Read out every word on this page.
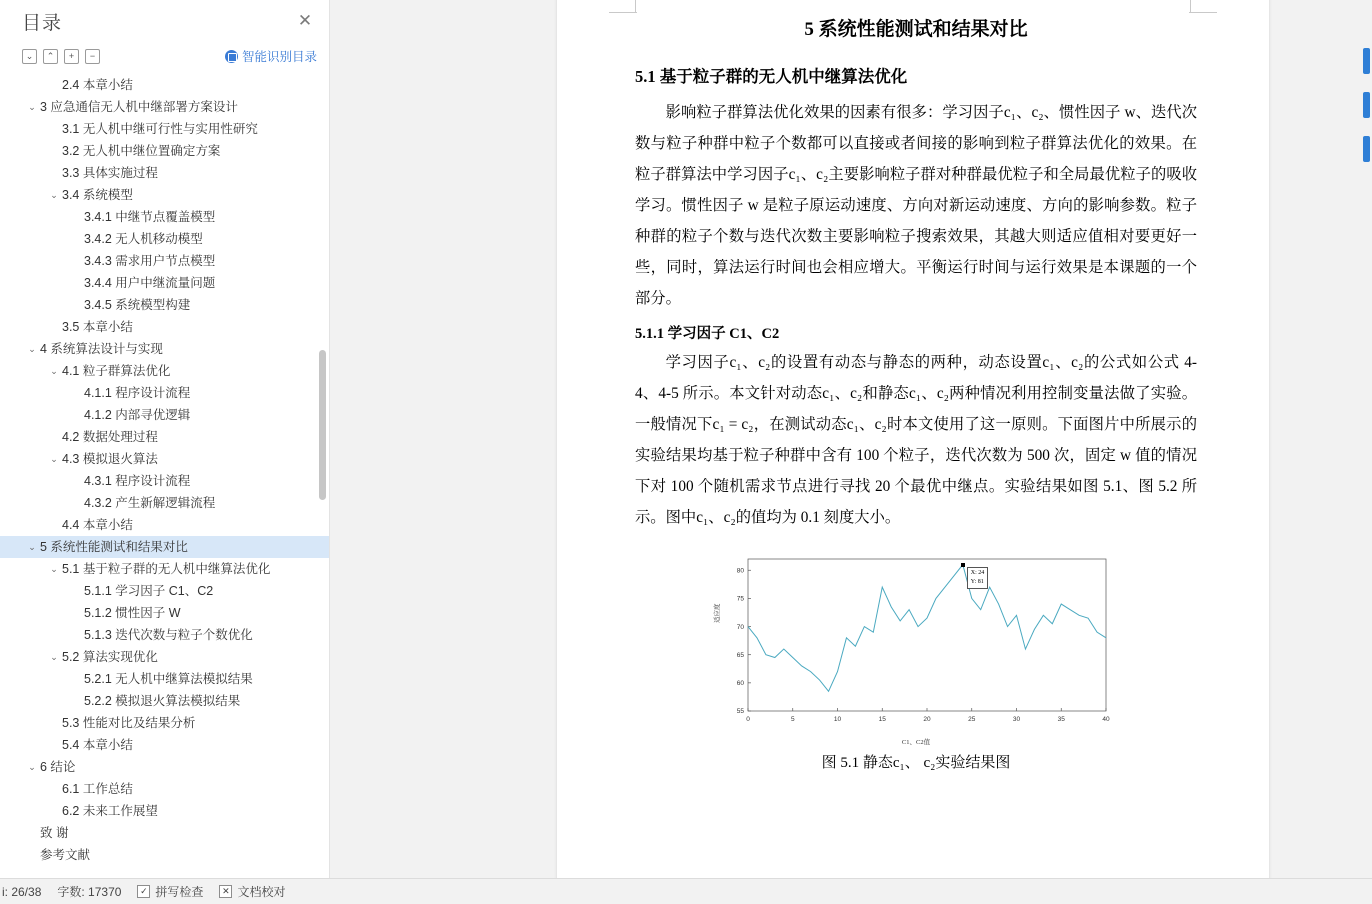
目录	✕
⌄	⌃	+	−	智能识别目录
2.4 本章小结
⌄ 3 应急通信无人机中继部署方案设计
3.1 无人机中继可行性与实用性研究
3.2 无人机中继位置确定方案
3.3 具体实施过程
⌄ 3.4 系统模型
3.4.1 中继节点覆盖模型
3.4.2 无人机移动模型
3.4.3 需求用户节点模型
3.4.4 用户中继流量问题
3.4.5 系统模型构建
3.5 本章小结
⌄ 4 系统算法设计与实现
⌄ 4.1 粒子群算法优化
4.1.1 程序设计流程
4.1.2 内部寻优逻辑
4.2 数据处理过程
⌄ 4.3 模拟退火算法
4.3.1 程序设计流程
4.3.2 产生新解逻辑流程
4.4 本章小结
⌄ 5 系统性能测试和结果对比
⌄ 5.1 基于粒子群的无人机中继算法优化
5.1.1 学习因子 C1、C2
5.1.2 惯性因子 W
5.1.3 迭代次数与粒子个数优化
⌄ 5.2 算法实现优化
5.2.1 无人机中继算法模拟结果
5.2.2 模拟退火算法模拟结果
5.3 性能对比及结果分析
5.4 本章小结
⌄ 6 结论
6.1 工作总结
6.2 未来工作展望
致 谢
参考文献
5 系统性能测试和结果对比
5.1 基于粒子群的无人机中继算法优化

影响粒子群算法优化效果的因素有很多：学习因子c₁、c₂、惯性因子 w、迭代次数与粒子种群中粒子个数都可以直接或者间接的影响到粒子群算法优化的效果。在粒子群算法中学习因子c₁、c₂主要影响粒子群对种群最优粒子和全局最优粒子的吸收学习。惯性因子 w 是粒子原运动速度、方向对新运动速度、方向的影响参数。粒子种群的粒子个数与迭代次数主要影响粒子搜索效果，其越大则适应值相对要更好一些，同时，算法运行时间也会相应增大。平衡运行时间与运行效果是本课题的一个部分。

5.1.1 学习因子 C1、C2

学习因子c₁、c₂的设置有动态与静态的两种，动态设置c₁、c₂的公式如公式 4-4、4-5 所示。本文针对动态c₁、c₂和静态c₁、c₂两种情况利用控制变量法做了实验。一般情况下c₁ = c₂，在测试动态c₁、c₂时本文使用了这一原则。下面图片中所展示的实验结果均基于粒子种群中含有 100 个粒子，迭代次数为 500 次，固定 w 值的情况下对 100 个随机需求节点进行寻找 20 个最优中继点。实验结果如图 5.1、图 5.2 所示。图中c₁、c₂的值均为 0.1 刻度大小。

适应度
0	5	10	15	20	25	30	35	40
55
60
65
70
75
80
C1、C2值
X: 24
Y: 81
图 5.1 静态c₁、 c₂实验结果图
i: 26/38 字数: 17370	✓ 拼写检查	✕ 文档校对
